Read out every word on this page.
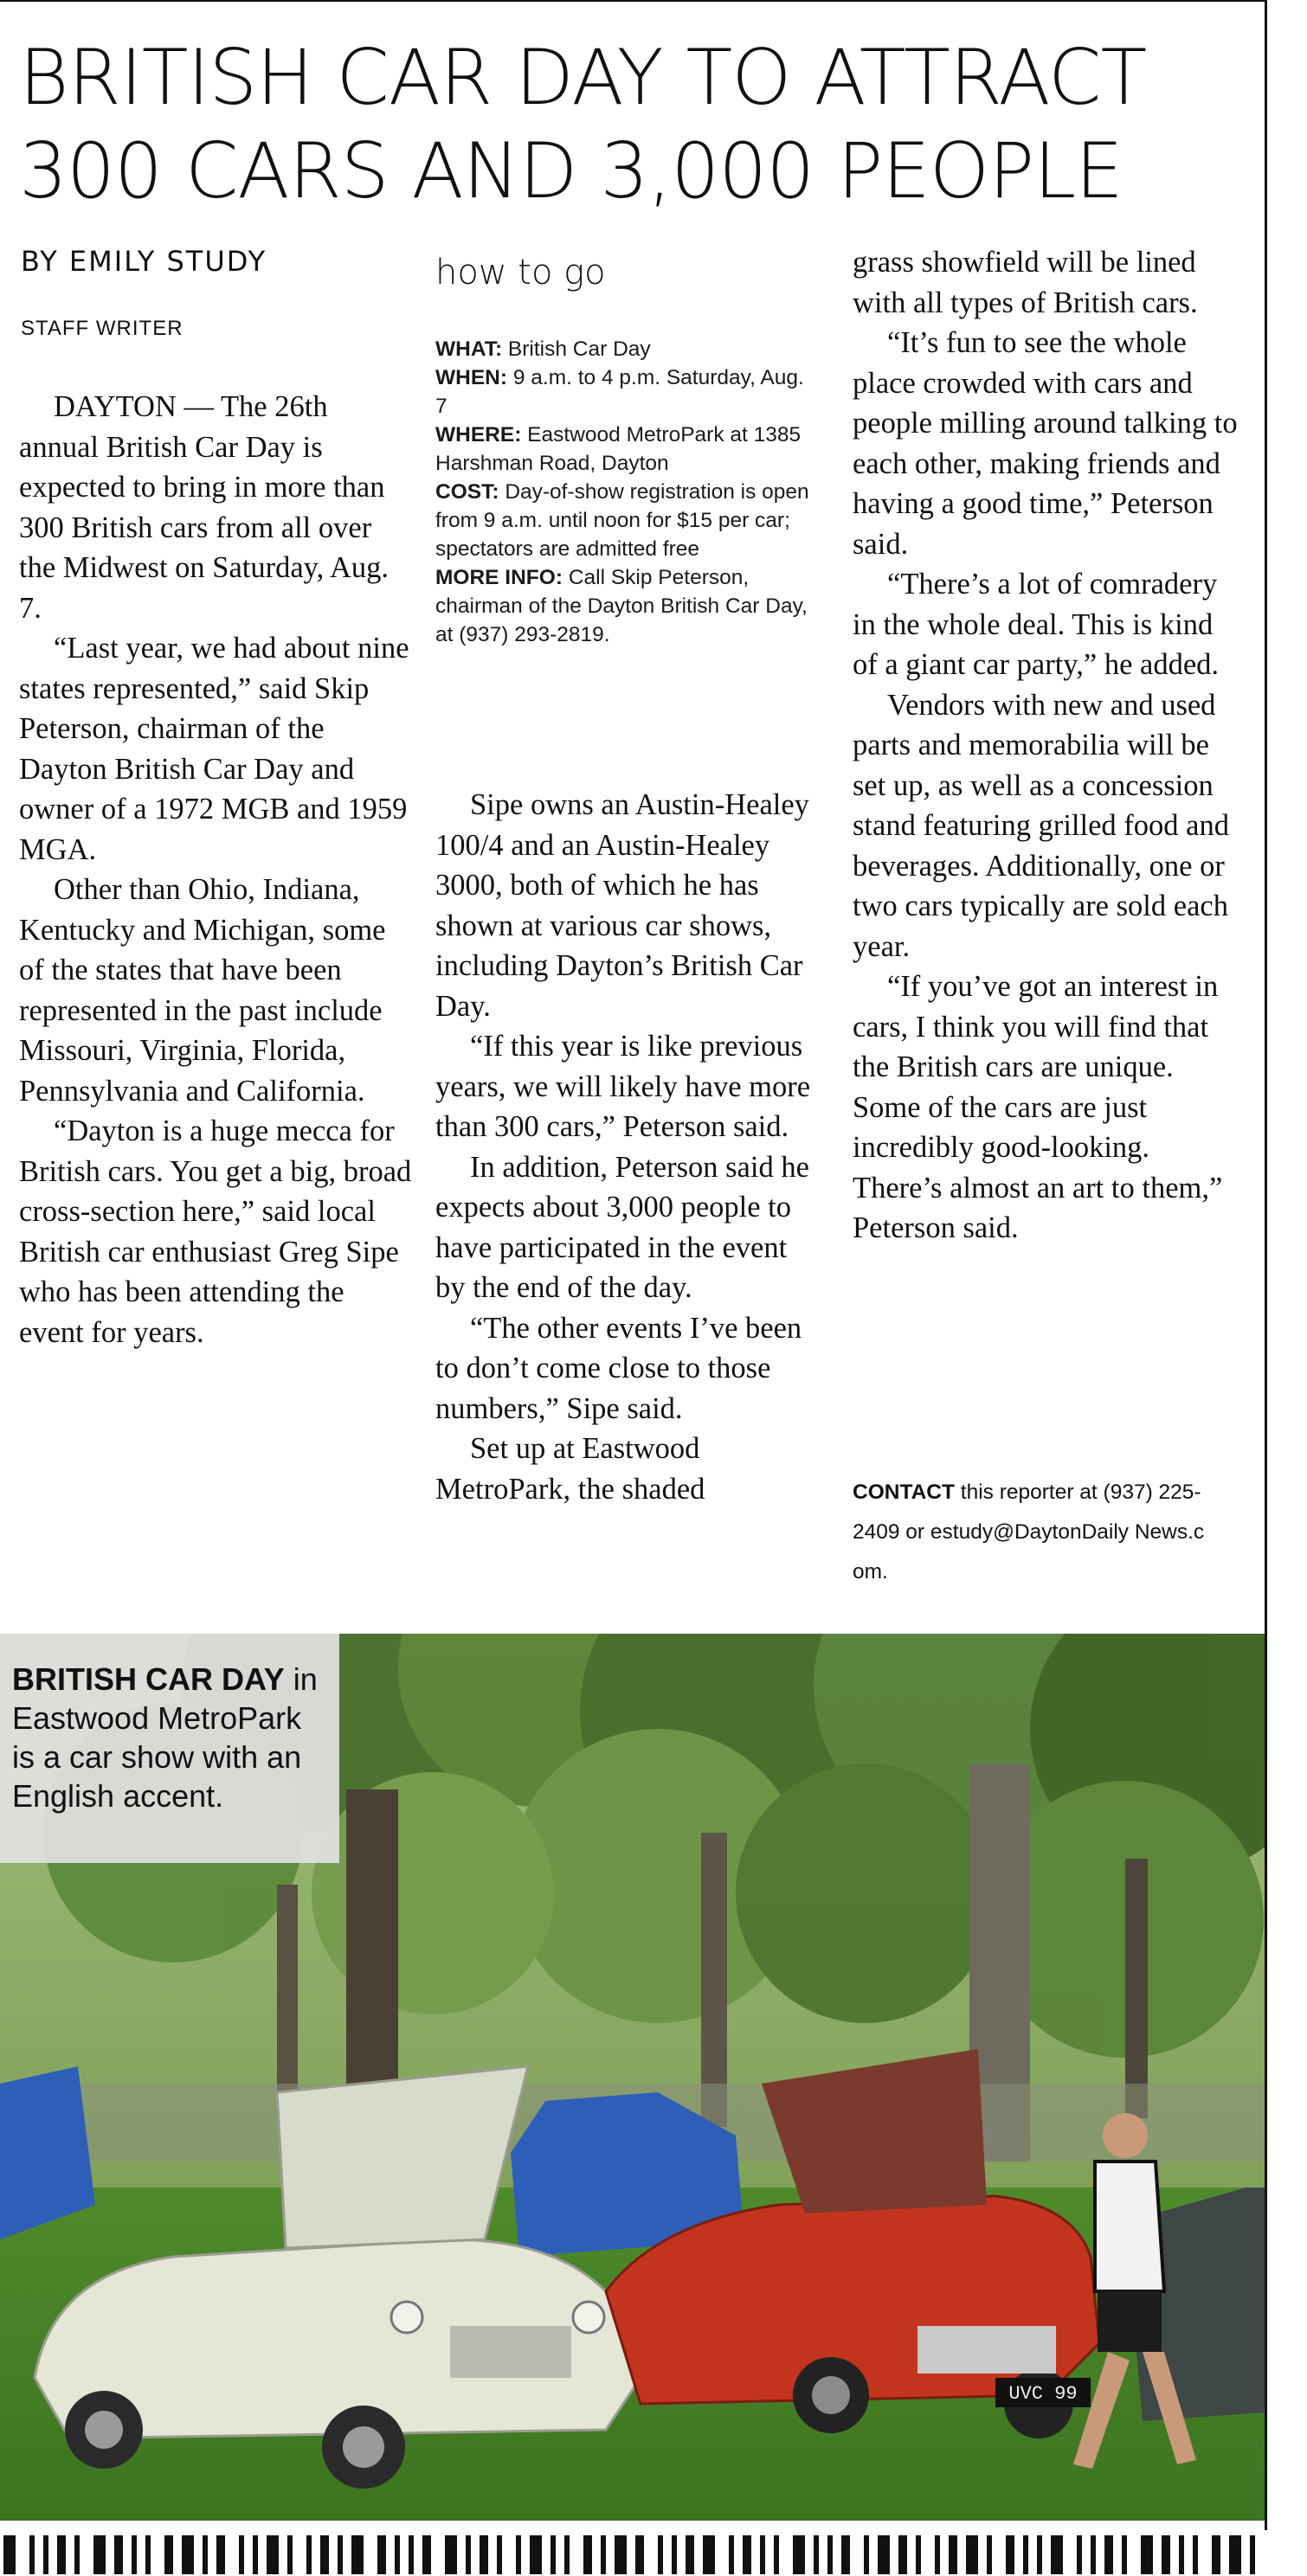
BRITISH CAR DAY TO ATTRACT
300 CARS AND 3,000 PEOPLE
BY EMILY STUDY
STAFF WRITER

DAYTON — The 26th annual British Car Day is expected to bring in more than 300 British cars from all over the Midwest on Saturday, Aug. 7.

“Last year, we had about nine states represented,” said Skip Peterson, chairman of the Dayton British Car Day and owner of a 1972 MGB and 1959 MGA.

Other than Ohio, Indiana, Kentucky and Michigan, some of the states that have been represented in the past include Missouri, Virginia, Florida, Pennsylvania and California.

“Dayton is a huge mecca for British cars. You get a big, broad cross-section here,” said local British car enthusiast Greg Sipe who has been attending the event for years.

how to go

WHAT: British Car Day

WHEN: 9 a.m. to 4 p.m. Saturday, Aug. 7

WHERE: Eastwood MetroPark at 1385 Harshman Road, Dayton

COST: Day-of-show registration is open from 9 a.m. until noon for $15 per car; spectators are admitted free

MORE INFO: Call Skip Peterson, chairman of the Dayton British Car Day, at (937) 293-2819.

Sipe owns an Austin-Healey 100/4 and an Austin-Healey 3000, both of which he has shown at various car shows, including Dayton’s British Car Day.

“If this year is like previous years, we will likely have more than 300 cars,” Peterson said.

In addition, Peterson said he expects about 3,000 people to have participated in the event by the end of the day.

“The other events I’ve been to don’t come close to those numbers,” Sipe said.

Set up at Eastwood MetroPark, the shaded

grass showfield will be lined with all types of British cars.

“It’s fun to see the whole place crowded with cars and people milling around talking to each other, making friends and having a good time,” Peterson said.

“There’s a lot of comradery in the whole deal. This is kind of a giant car party,” he added.

Vendors with new and used parts and memorabilia will be set up, as well as a concession stand featuring grilled food and beverages. Additionally, one or two cars typically are sold each year.

“If you’ve got an interest in cars, I think you will find that the British cars are unique. Some of the cars are just incredibly good-looking. There’s almost an art to them,” Peterson said.

CONTACT this reporter at (937) 225-2409 or estudy@DaytonDaily News.c om.
UVC 99
BRITISH CAR DAY in Eastwood MetroPark is a car show with an English accent.
